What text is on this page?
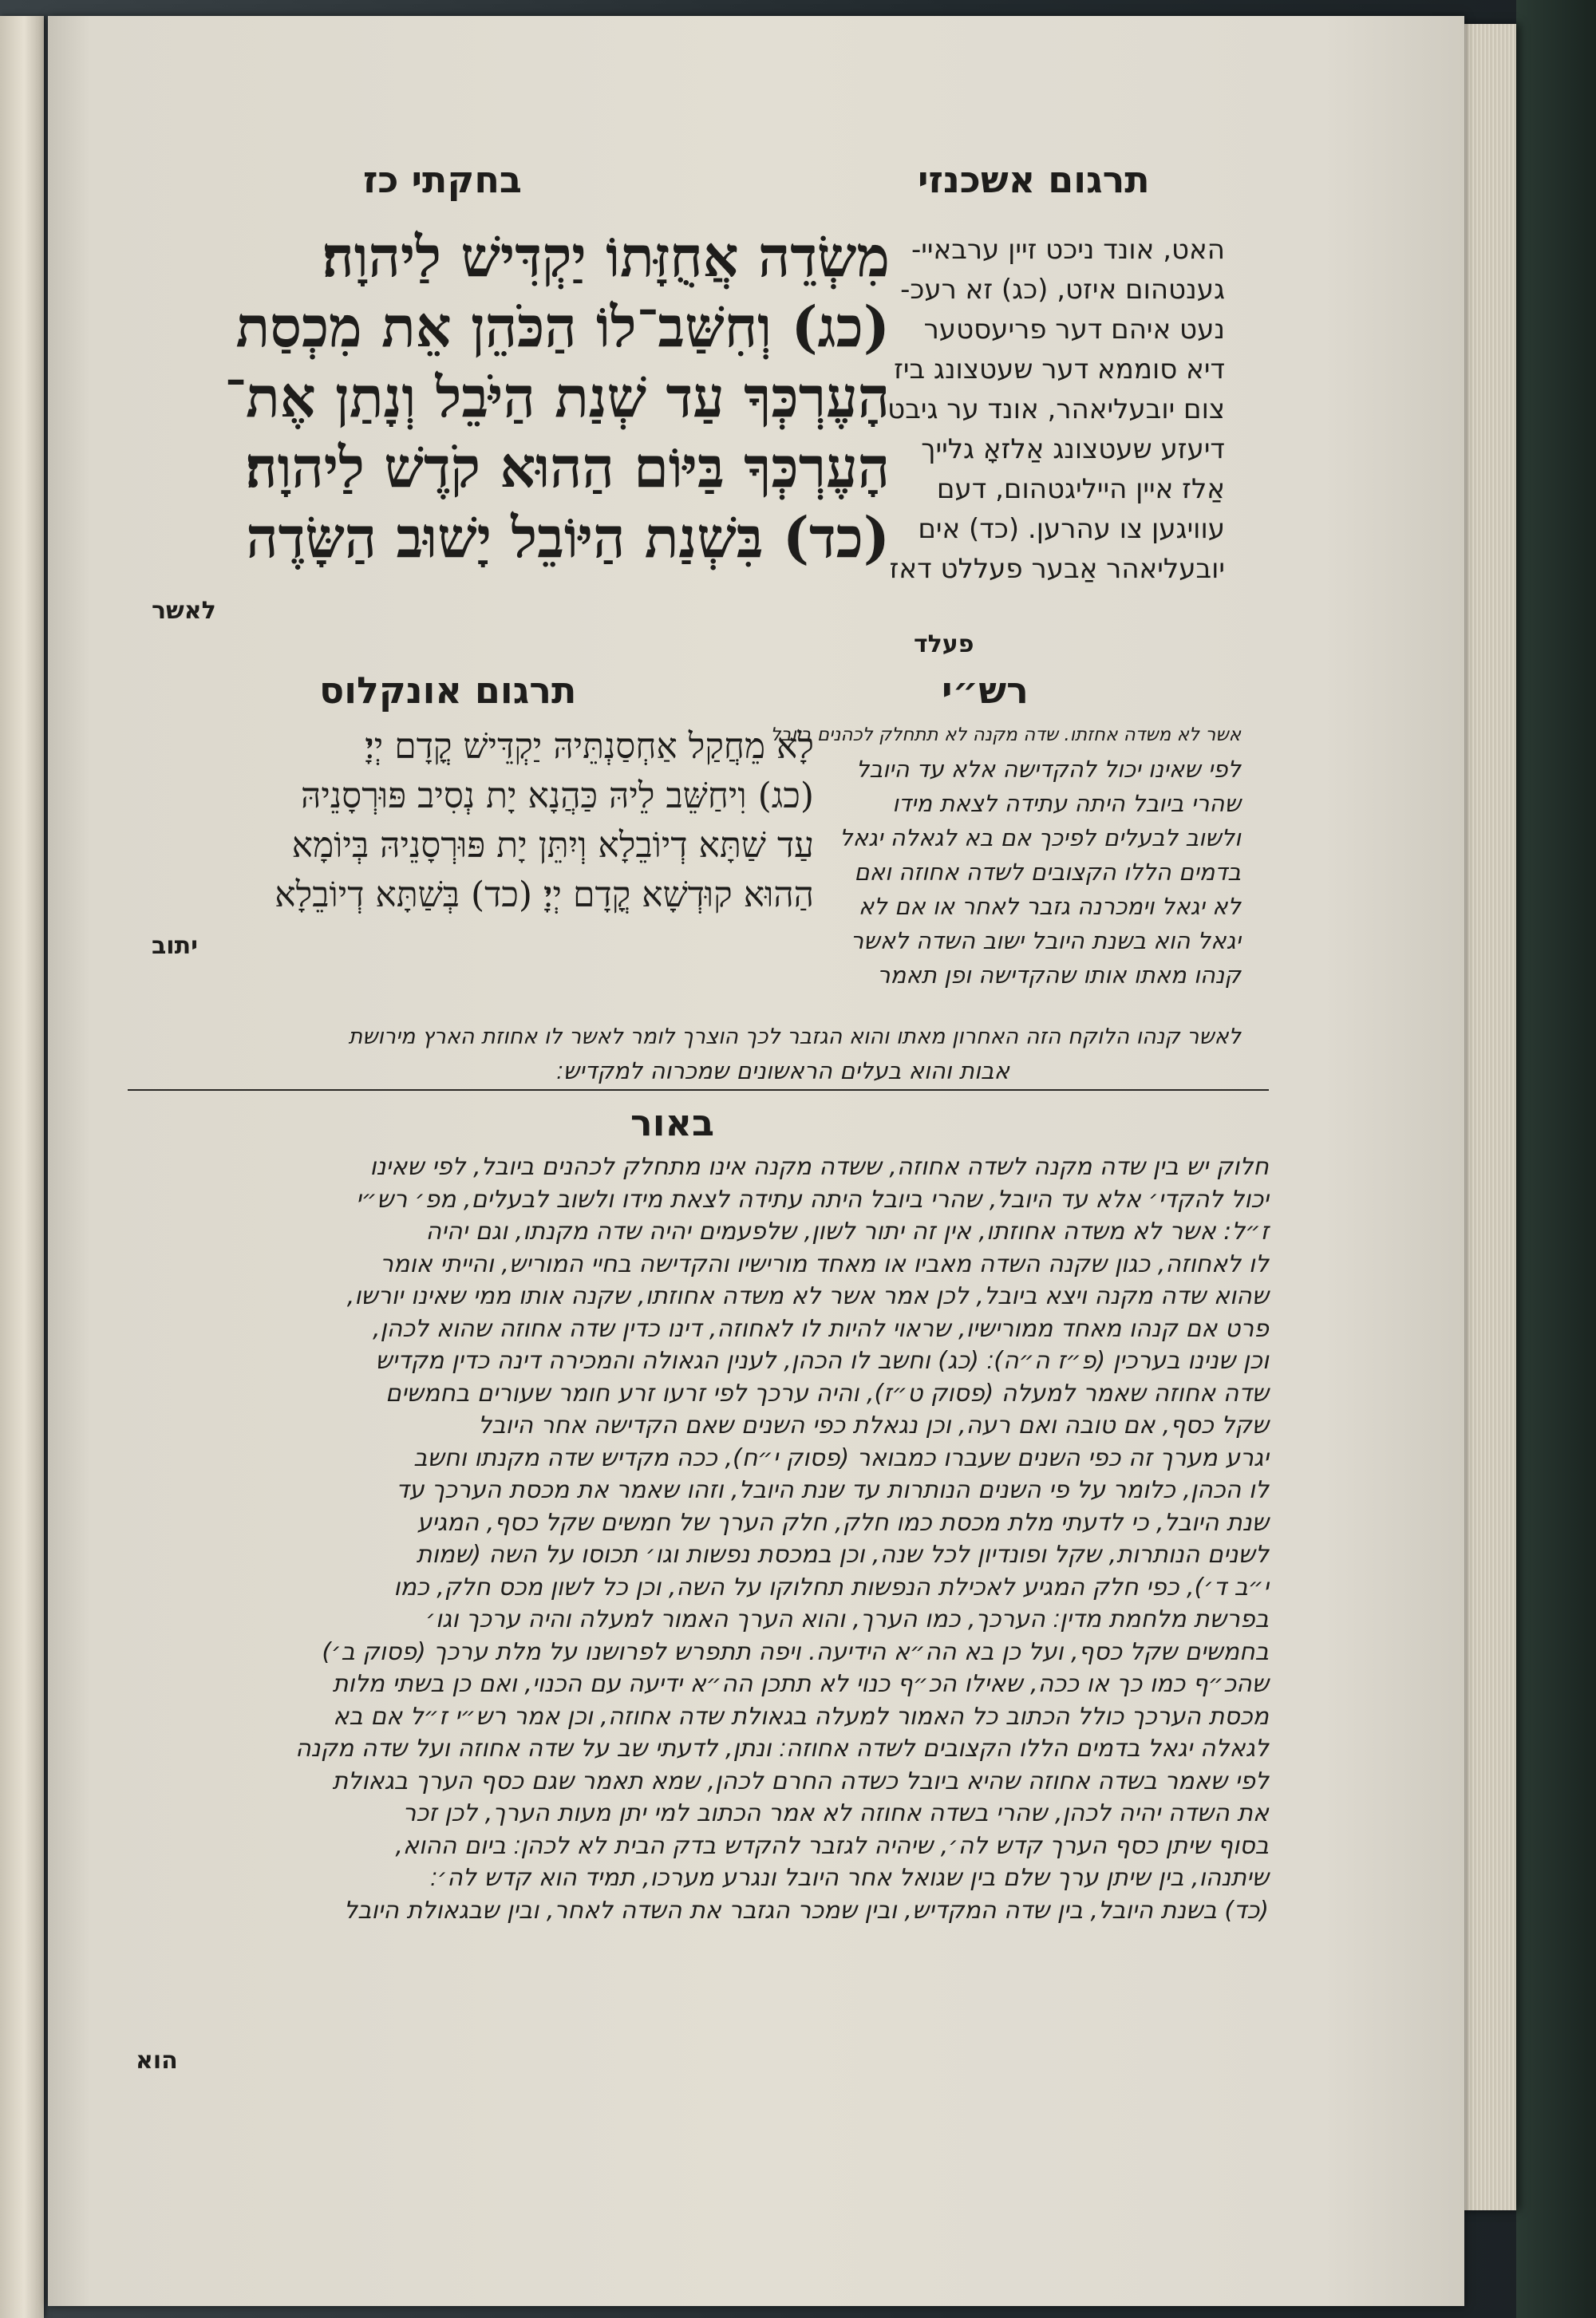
בחקתי כז	תרגום אשכנזי
מִשְׂדֵה אֲחֻזָּתוֹ יַקְדִּישׁ לַיהוָה׃
(כג) וְחִשַּׁב־לוֹ הַכֹּהֵן אֵת מִכְסַת
הָעֶרְכְּךָ עַד שְׁנַת הַיֹּבֵל וְנָתַן אֶת־
הָעֶרְכְּךָ בַּיּוֹם הַהוּא קֹדֶשׁ לַיהוָה׃
(כד) בִּשְׁנַת הַיּוֹבֵל יָשׁוּב הַשָּׂדֶה
לאשר
האט, אונד ניכט זיין ערבאיי-
גענטהום איזט, (כג) זא רעכ-
נעט איהם דער פריעסטער
דיא סוממא דער שעטצונג ביז
צום יובעליאהר, אונד ער גיבט
דיעזע שעטצונג אַלזאָ גלייך
אַלז איין הייליגטהום, דעם
עוויגען צו עהרען. (כד) אים
יובעליאהר אַבער פעללט דאז
פעלד
תרגום אונקלוס
לָא מֵחֲקַל אַחְסַנְתֵּיהּ יַקְדֵּישׁ קֳדָם יְיָ׃
(כג) וִיחַשֵּׁב לֵיהּ כַּהֲנָא יָת נְסִיב פּוּרְסָנֵיהּ
עַד שַׁתָּא דְיוֹבֵלָא וְיִתֵּן יָת פּוּרְסָנֵיהּ בְּיוֹמָא
הַהוּא קוּדְשָׁא קֳדָם יְיָ׃ (כד) בְּשַׁתָּא דְיוֹבֵלָא
יתוב
רש״י
אשר לא משדה אחזתו. שדה מקנה לא תתחלק לכהנים ביובל
לפי שאינו יכול להקדישה אלא עד היובל
שהרי ביובל היתה עתידה לצאת מידו
ולשוב לבעלים לפיכך אם בא לגאלה יגאל
בדמים הללו הקצובים לשדה אחוזה ואם
לא יגאל וימכרנה גזבר לאחר או אם לא
יגאל הוא בשנת היובל ישוב השדה לאשר
קנהו מאתו אותו שהקדישה ופן תאמר
לאשר קנהו הלוקח הזה האחרון מאתו והוא הגזבר לכך הוצרך לומר לאשר לו אחוזת הארץ מירושת
אבות והוא בעלים הראשונים שמכרוה למקדיש׃
באור
חלוק יש בין שדה מקנה לשדה אחוזה, ששדה מקנה אינו מתחלק לכהנים ביובל, לפי שאינו
יכול להקדי׳ אלא עד היובל, שהרי ביובל היתה עתידה לצאת מידו ולשוב לבעלים, מפ׳ רש״י
ז״ל: אשר לא משדה אחוזתו, אין זה יתור לשון, שלפעמים יהיה שדה מקנתו, וגם יהיה
לו לאחוזה, כגון שקנה השדה מאביו או מאחד מורישיו והקדישה בחיי המוריש, והייתי אומר
שהוא שדה מקנה ויצא ביובל, לכן אמר אשר לא משדה אחוזתו, שקנה אותו ממי שאינו יורשו,
פרט אם קנהו מאחד ממורישיו, שראוי להיות לו לאחוזה, דינו כדין שדה אחוזה שהוא לכהן,
וכן שנינו בערכין (פ״ז ה״ה)׃ (כג) וחשב לו הכהן, לענין הגאולה והמכירה דינה כדין מקדיש
שדה אחוזה שאמר למעלה (פסוק ט״ז), והיה ערכך לפי זרעו זרע חומר שעורים בחמשים
שקל כסף, אם טובה ואם רעה, וכן נגאלת כפי השנים שאם הקדישה אחר היובל
יגרע מערך זה כפי השנים שעברו כמבואר (פסוק י״ח), ככה מקדיש שדה מקנתו וחשב
לו הכהן, כלומר על פי השנים הנותרות עד שנת היובל, וזהו שאמר את מכסת הערכך עד
שנת היובל, כי לדעתי מלת מכסת כמו חלק, חלק הערך של חמשים שקל כסף, המגיע
לשנים הנותרות, שקל ופונדיון לכל שנה, וכן במכסת נפשות וגו׳ תכוסו על השה (שמות
י״ב ד׳), כפי חלק המגיע לאכילת הנפשות תחלוקו על השה, וכן כל לשון מכס חלק, כמו
בפרשת מלחמת מדין׃ הערכך, כמו הערך, והוא הערך האמור למעלה והיה ערכך וגו׳
בחמשים שקל כסף, ועל כן בא הה״א הידיעה. ויפה תתפרש לפרושנו על מלת ערכך (פסוק ב׳)
שהכ״ף כמו כך או ככה, שאילו הכ״ף כנוי לא תתכן הה״א ידיעה עם הכנוי, ואם כן בשתי מלות
מכסת הערכך כולל הכתוב כל האמור למעלה בגאולת שדה אחוזה, וכן אמר רש״י ז״ל אם בא
לגאלה יגאל בדמים הללו הקצובים לשדה אחוזה׃ ונתן, לדעתי שב על שדה אחוזה ועל שדה מקנה
לפי שאמר בשדה אחוזה שהיא ביובל כשדה החרם לכהן, שמא תאמר שגם כסף הערך בגאולת
את השדה יהיה לכהן, שהרי בשדה אחוזה לא אמר הכתוב למי יתן מעות הערך, לכן זכר
בסוף שיתן כסף הערך קדש לה׳, שיהיה לגזבר להקדש בדק הבית לא לכהן׃ ביום ההוא,
שיתנהו, בין שיתן ערך שלם בין שגואל אחר היובל ונגרע מערכו, תמיד הוא קדש לה׳׃
(כד) בשנת היובל, בין שדה המקדיש, ובין שמכר הגזבר את השדה לאחר, ובין שבגאולת היובל
הוא
